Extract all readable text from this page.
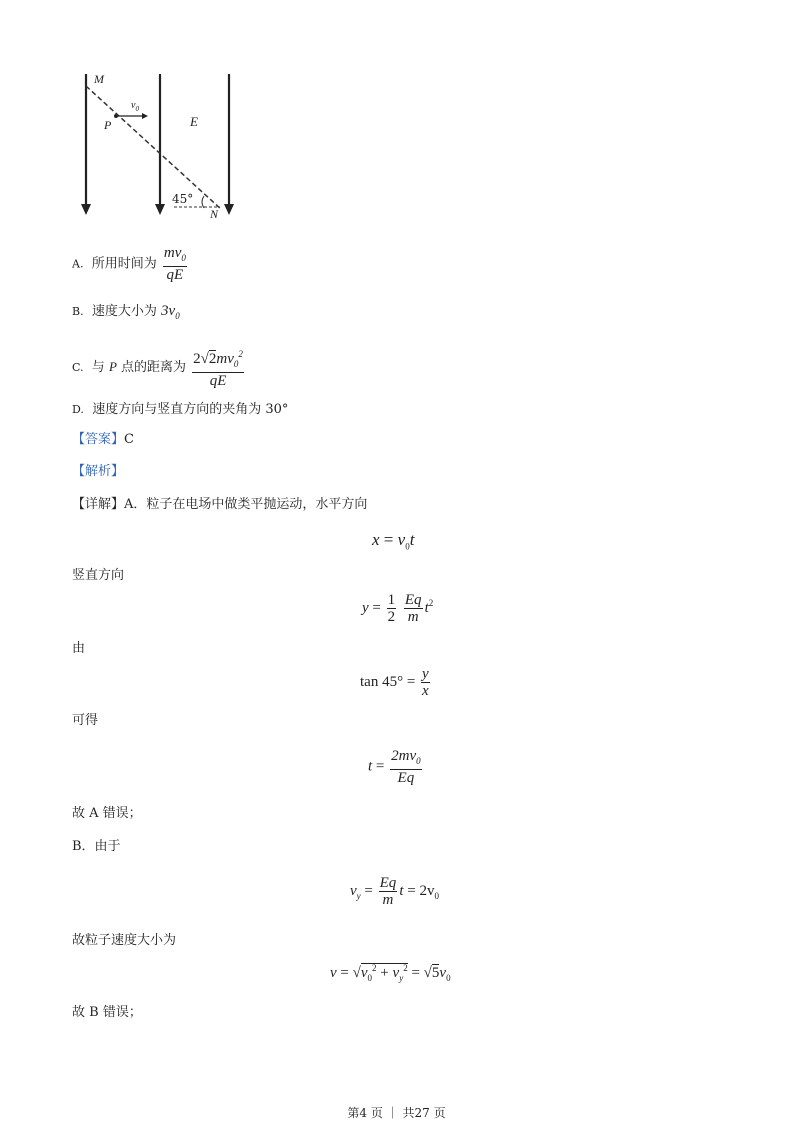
M
P
$v_0$
E
45°
N
A. 所用时间为 $\frac{mv_0}{qE}$
B. 速度大小为 $3v_0$
C. 与 P 点的距离为 $\frac{2√2mv_0^2}{qE}$
D. 速度方向与竖直方向的夹角为 30°
【答案】C
【解析】
【详解】A．粒子在电场中做类平抛运动，水平方向
$x = v_0t$
竖直方向
$y = \frac{1}{2}$
$\frac{Eq}{m} t^2$
由
$\tan 45^\circ = \frac{y}{x}$
可得
$t = \frac{2mv_0}{Eq}$
故 A 错误；
B．由于
$v_y = \frac{Eq}{m}$ $t = 2v_0$
故粒子速度大小为
$v = √v_0^2 + v_y^2 = √5v_0$
故 B 错误；
第4 页 ｜ 共27 页
